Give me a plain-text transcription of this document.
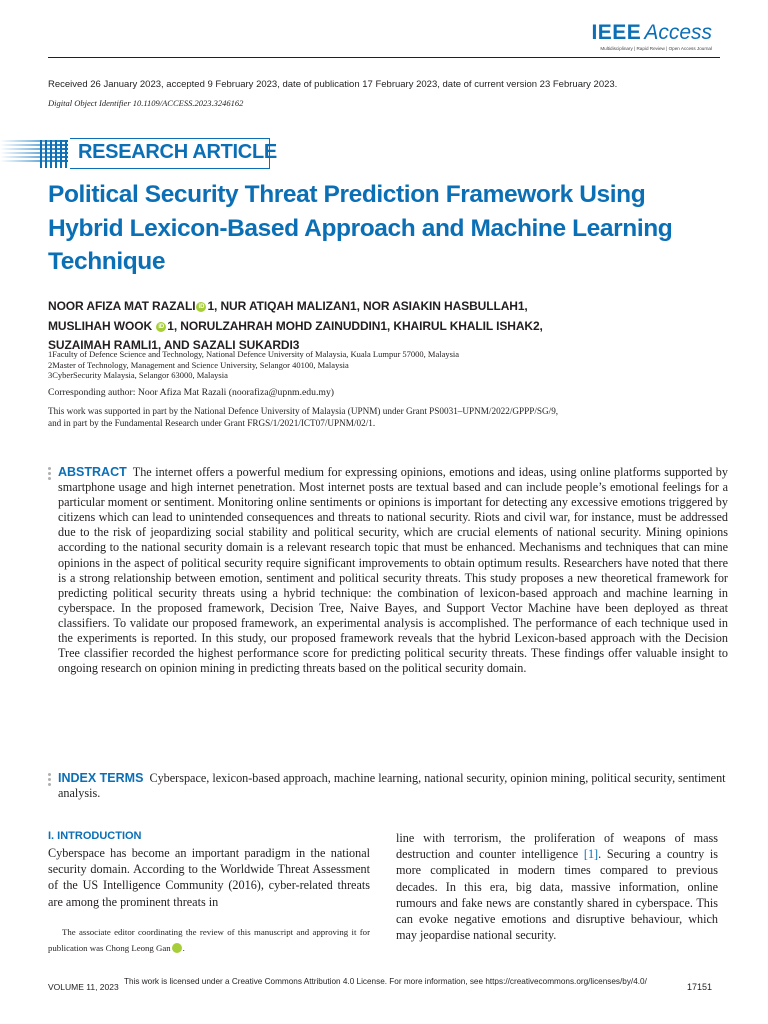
IEEE Access
Multidisciplinary | Rapid Review | Open Access Journal
Received 26 January 2023, accepted 9 February 2023, date of publication 17 February 2023, date of current version 23 February 2023.
Digital Object Identifier 10.1109/ACCESS.2023.3246162
RESEARCH ARTICLE
Political Security Threat Prediction Framework Using Hybrid Lexicon-Based Approach and Machine Learning Technique
NOOR AFIZA MAT RAZALI iD 1, NUR ATIQAH MALIZAN1, NOR ASIAKIN HASBULLAH1,
MUSLIHAH WOOK iD 1, NORULZAHRAH MOHD ZAINUDDIN1, KHAIRUL KHALIL ISHAK2,
SUZAIMAH RAMLI1, AND SAZALI SUKARDI3
1Faculty of Defence Science and Technology, National Defence University of Malaysia, Kuala Lumpur 57000, Malaysia
2Master of Technology, Management and Science University, Selangor 40100, Malaysia
3CyberSecurity Malaysia, Selangor 63000, Malaysia
Corresponding author: Noor Afiza Mat Razali (noorafiza@upnm.edu.my)
This work was supported in part by the National Defence University of Malaysia (UPNM) under Grant PS0031–UPNM/2022/GPPP/SG/9,
and in part by the Fundamental Research under Grant FRGS/1/2021/ICT07/UPNM/02/1.
ABSTRACT The internet offers a powerful medium for expressing opinions, emotions and ideas, using online platforms supported by smartphone usage and high internet penetration. Most internet posts are textual based and can include people’s emotional feelings for a particular moment or sentiment. Monitoring online sentiments or opinions is important for detecting any excessive emotions triggered by citizens which can lead to unintended consequences and threats to national security. Riots and civil war, for instance, must be addressed due to the risk of jeopardizing social stability and political security, which are crucial elements of national security. Mining opinions according to the national security domain is a relevant research topic that must be enhanced. Mechanisms and techniques that can mine opinions in the aspect of political security require significant improvements to obtain optimum results. Researchers have noted that there is a strong relationship between emotion, sentiment and political security threats. This study proposes a new theoretical framework for predicting political security threats using a hybrid technique: the combination of lexicon-based approach and machine learning in cyberspace. In the proposed framework, Decision Tree, Naive Bayes, and Support Vector Machine have been deployed as threat classifiers. To validate our proposed framework, an experimental analysis is accomplished. The performance of each technique used in the experiments is reported. In this study, our proposed framework reveals that the hybrid Lexicon-based approach with the Decision Tree classifier recorded the highest performance score for predicting political security threats. These findings offer valuable insight to ongoing research on opinion mining in predicting threats based on the political security domain.
INDEX TERMS Cyberspace, lexicon-based approach, machine learning, national security, opinion mining, political security, sentiment analysis.
I. INTRODUCTION

Cyberspace has become an important paradigm in the national security domain. According to the Worldwide Threat Assessment of the US Intelligence Community (2016), cyber-related threats are among the prominent threats in

The associate editor coordinating the review of this manuscript and approving it for publication was Chong Leong Gan	iD.

line with terrorism, the proliferation of weapons of mass destruction and counter intelligence [1]. Securing a country is more complicated in modern times compared to previous decades. In this era, big data, massive information, online rumours and fake news are constantly shared in cyberspace. This can evoke negative emotions and disruptive behaviour, which may jeopardise national security.

VOLUME 11, 2023
This work is licensed under a Creative Commons Attribution 4.0 License. For more information, see https://creativecommons.org/licenses/by/4.0/
17151
